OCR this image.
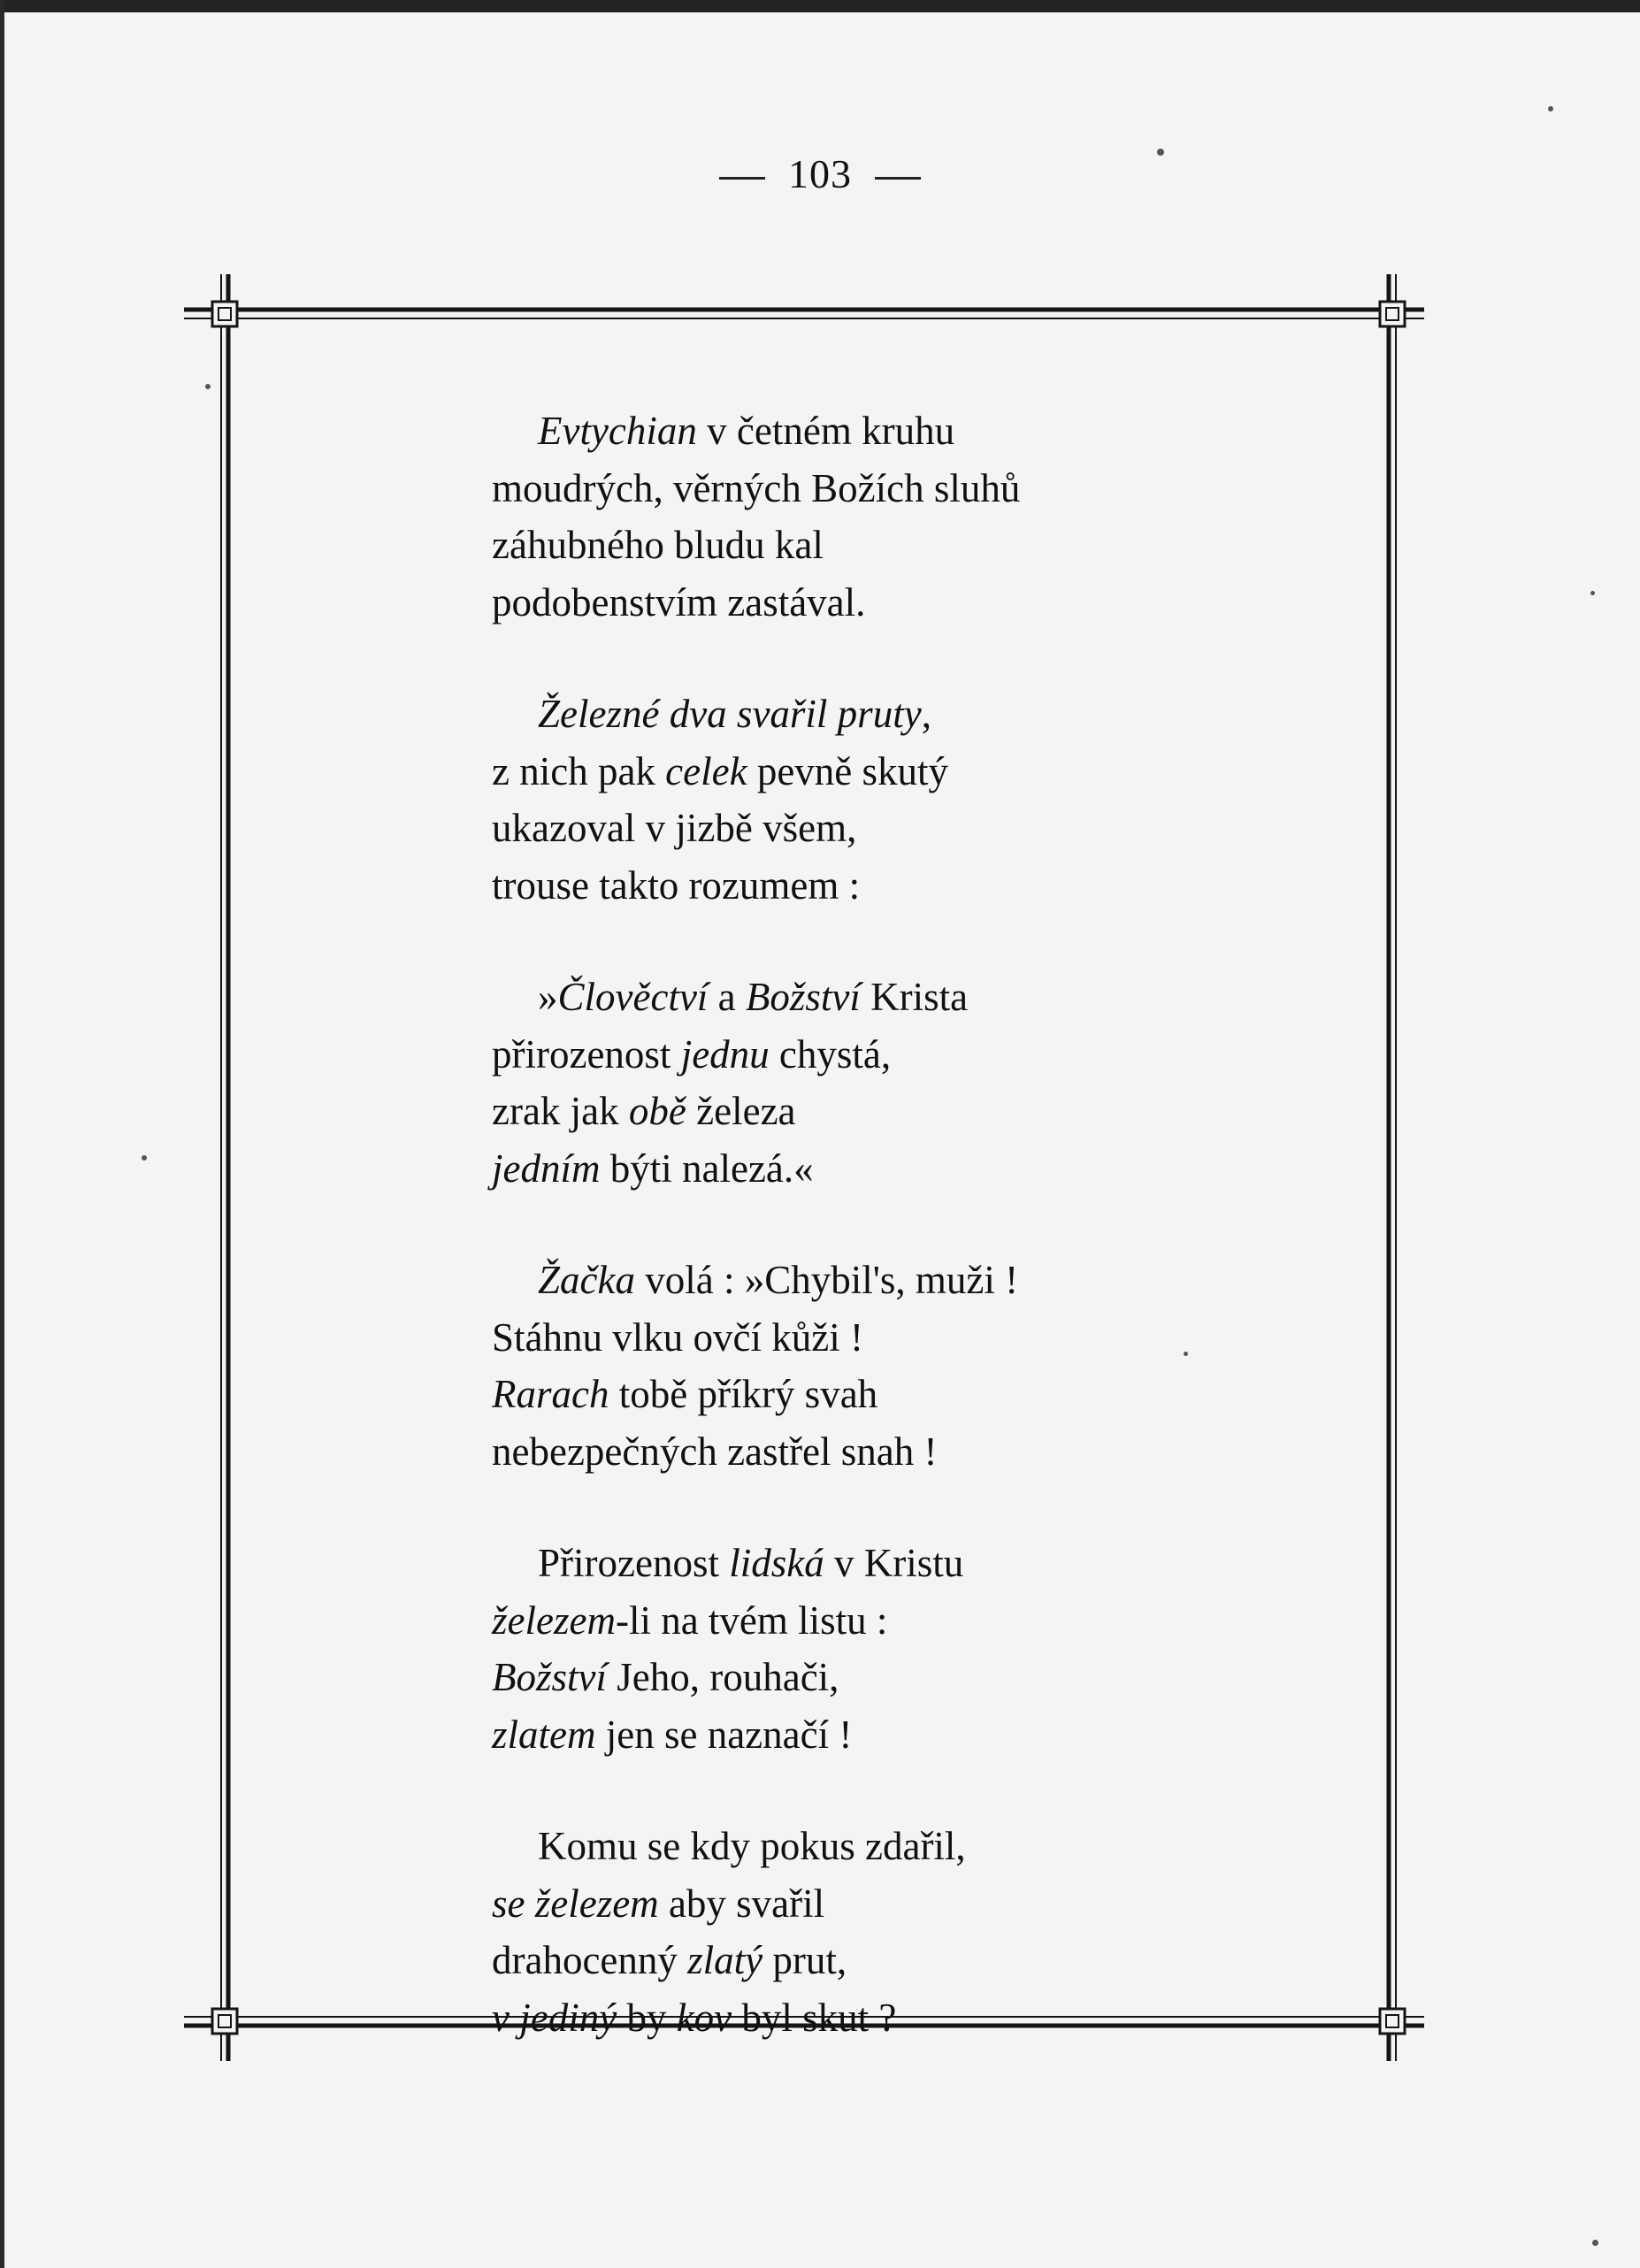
103
Evtychian v četném kruhu
moudrých, věrných Božích sluhů
záhubného bludu kal
podobenstvím zastával.
Železné dva svařil pruty,
z nich pak celek pevně skutý
ukazoval v jizbě všem,
trouse takto rozumem :
»Člověctví a Božství Krista
přirozenost jednu chystá,
zrak jak obě železa
jedním býti nalezá.«
Žačka volá : »Chybil's, muži !
Stáhnu vlku ovčí kůži !
Rarach tobě příkrý svah
nebezpečných zastřel snah !
Přirozenost lidská v Kristu
železem-li na tvém listu :
Božství Jeho, rouhači,
zlatem jen se naznačí !
Komu se kdy pokus zdařil,
se železem aby svařil
drahocenný zlatý prut,
v jediný by kov byl skut ?
